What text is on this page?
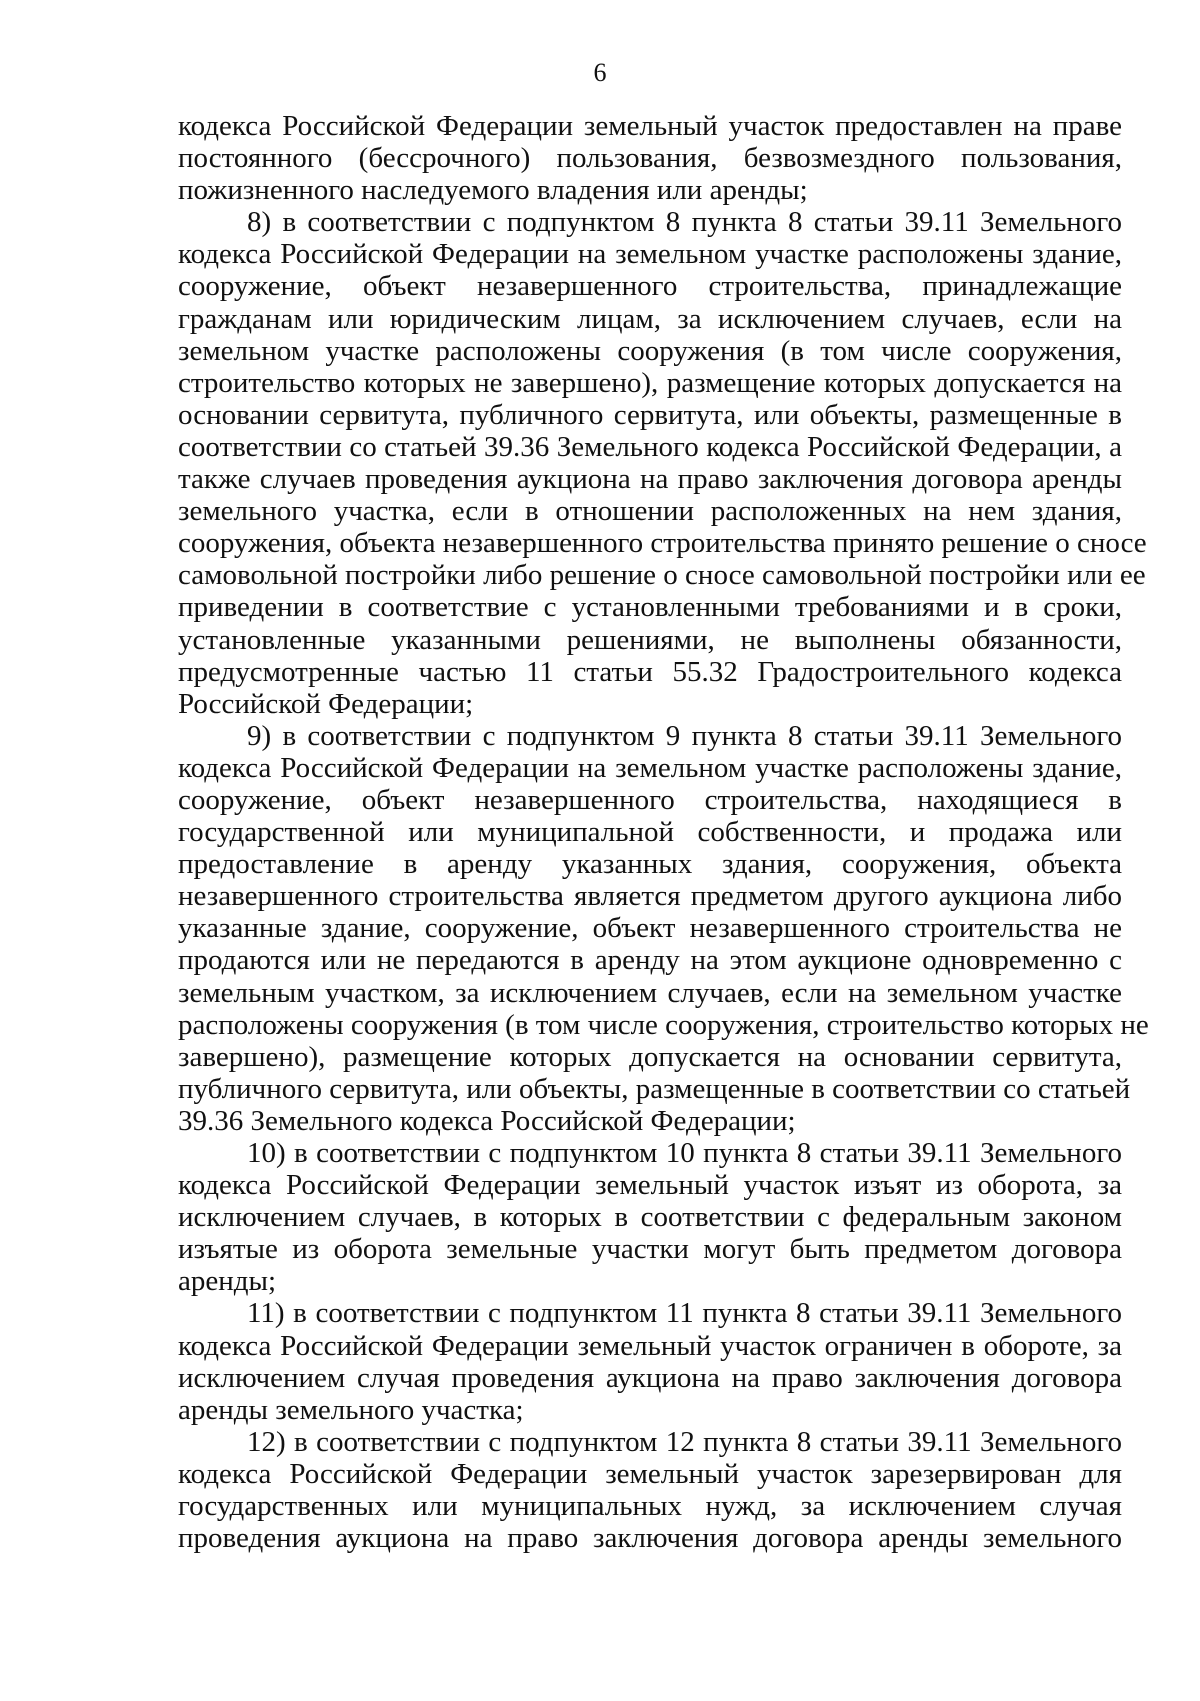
6
кодекса Российской Федерации земельный участок предоставлен на праве
постоянного (бессрочного) пользования, безвозмездного пользования,
пожизненного наследуемого владения или аренды;
8) в соответствии с подпунктом 8 пункта 8 статьи 39.11 Земельного
кодекса Российской Федерации на земельном участке расположены здание,
сооружение, объект незавершенного строительства, принадлежащие
гражданам или юридическим лицам, за исключением случаев, если на
земельном участке расположены сооружения (в том числе сооружения,
строительство которых не завершено), размещение которых допускается на
основании сервитута, публичного сервитута, или объекты, размещенные в
соответствии со статьей 39.36 Земельного кодекса Российской Федерации, а
также случаев проведения аукциона на право заключения договора аренды
земельного участка, если в отношении расположенных на нем здания,
сооружения, объекта незавершенного строительства принято решение о сносе
самовольной постройки либо решение о сносе самовольной постройки или ее
приведении в соответствие с установленными требованиями и в сроки,
установленные указанными решениями, не выполнены обязанности,
предусмотренные частью 11 статьи 55.32 Градостроительного кодекса
Российской Федерации;
9) в соответствии с подпунктом 9 пункта 8 статьи 39.11 Земельного
кодекса Российской Федерации на земельном участке расположены здание,
сооружение, объект незавершенного строительства, находящиеся в
государственной или муниципальной собственности, и продажа или
предоставление в аренду указанных здания, сооружения, объекта
незавершенного строительства является предметом другого аукциона либо
указанные здание, сооружение, объект незавершенного строительства не
продаются или не передаются в аренду на этом аукционе одновременно с
земельным участком, за исключением случаев, если на земельном участке
расположены сооружения (в том числе сооружения, строительство которых не
завершено), размещение которых допускается на основании сервитута,
публичного сервитута, или объекты, размещенные в соответствии со статьей
39.36 Земельного кодекса Российской Федерации;
10) в соответствии с подпунктом 10 пункта 8 статьи 39.11 Земельного
кодекса Российской Федерации земельный участок изъят из оборота, за
исключением случаев, в которых в соответствии с федеральным законом
изъятые из оборота земельные участки могут быть предметом договора
аренды;
11) в соответствии с подпунктом 11 пункта 8 статьи 39.11 Земельного
кодекса Российской Федерации земельный участок ограничен в обороте, за
исключением случая проведения аукциона на право заключения договора
аренды земельного участка;
12) в соответствии с подпунктом 12 пункта 8 статьи 39.11 Земельного
кодекса Российской Федерации земельный участок зарезервирован для
государственных или муниципальных нужд, за исключением случая
проведения аукциона на право заключения договора аренды земельного
